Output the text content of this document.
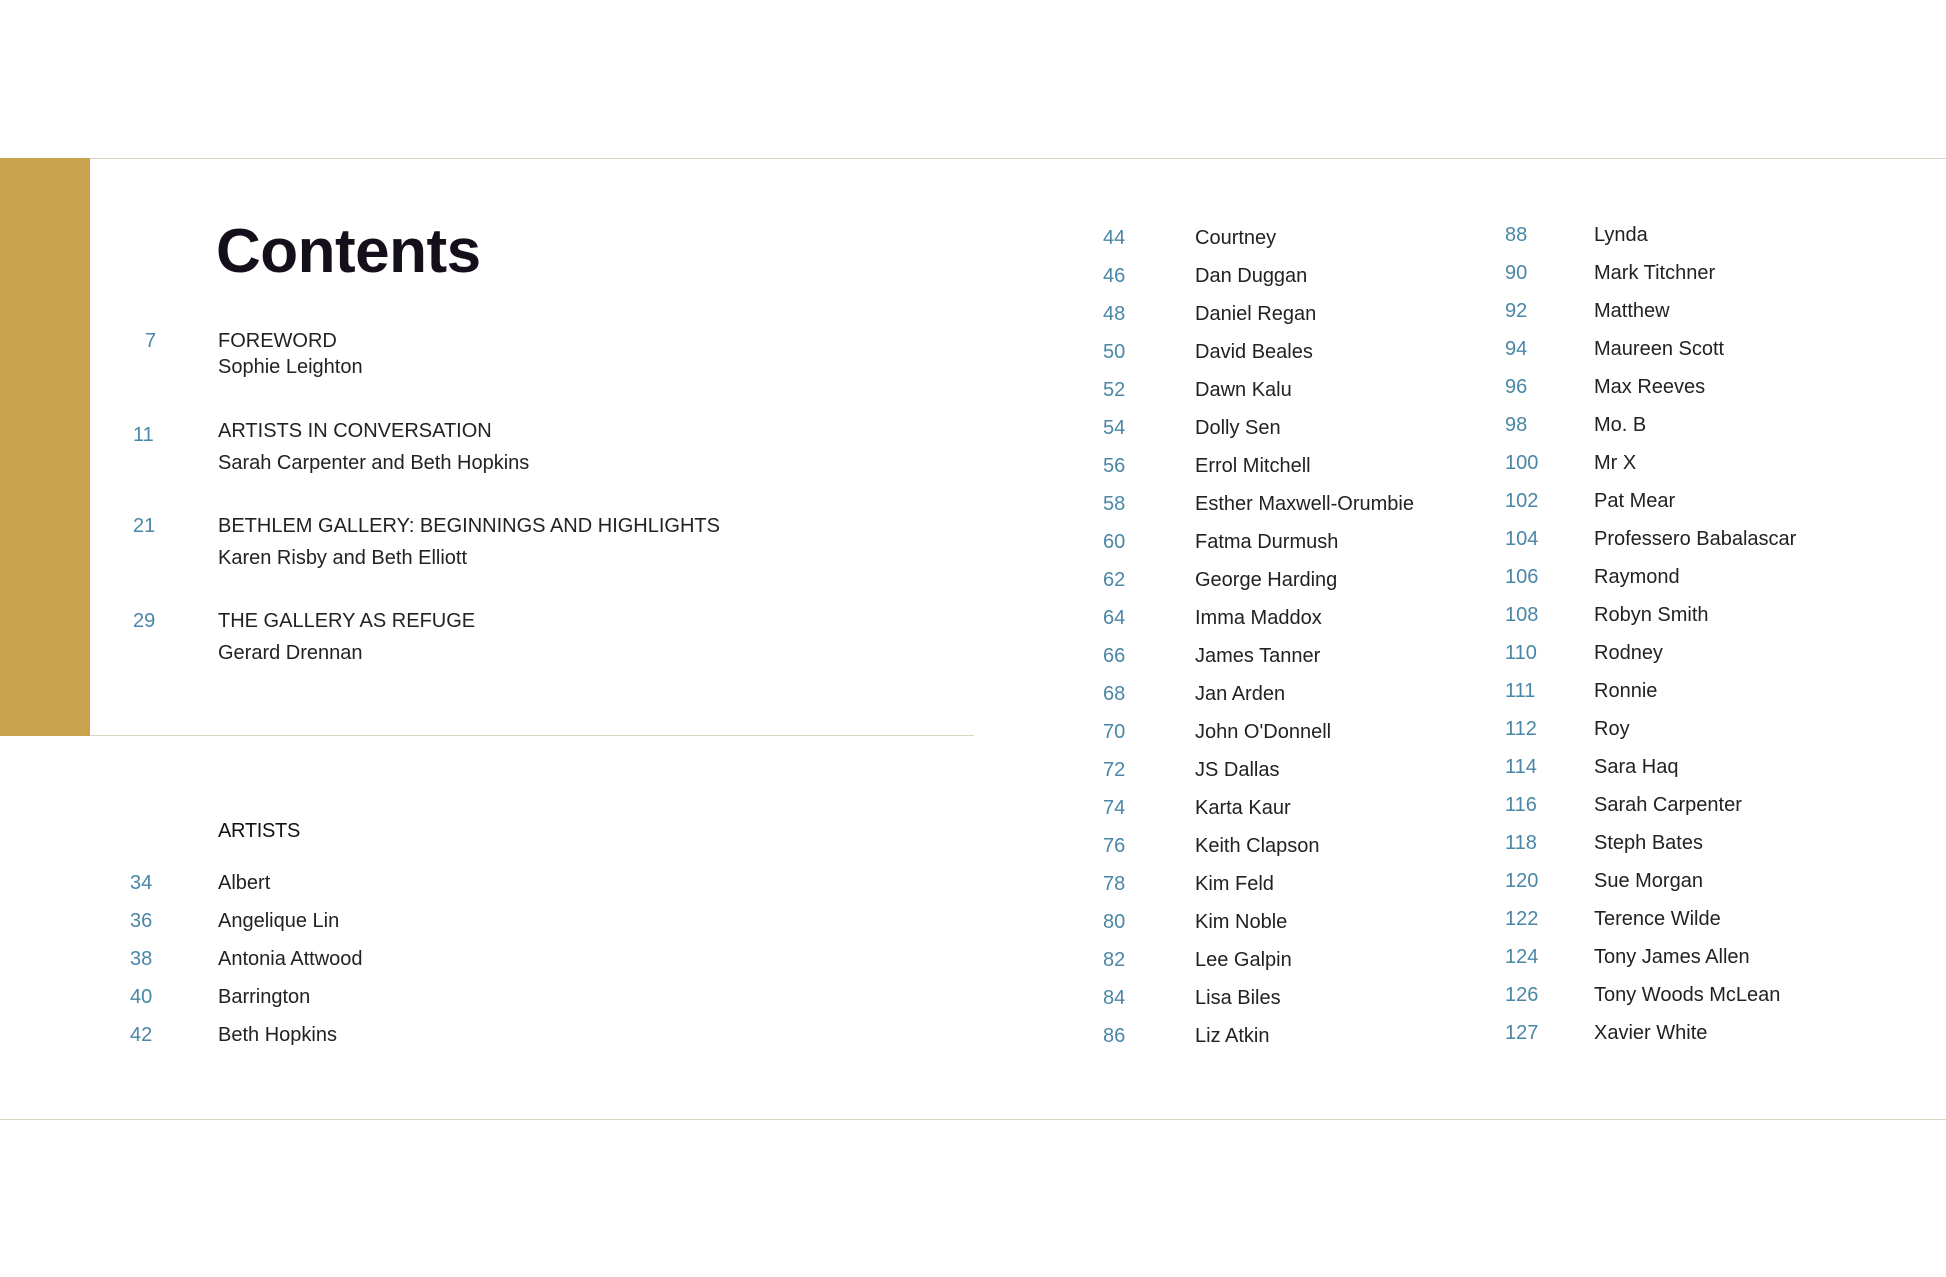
Contents
7	FOREWORD
Sophie Leighton
11	ARTISTS IN CONVERSATION
Sarah Carpenter and Beth Hopkins
21	BETHLEM GALLERY: BEGINNINGS AND HIGHLIGHTS
Karen Risby and Beth Elliott
29	THE GALLERY AS REFUGE
Gerard Drennan
ARTISTS
34	Albert
36	Angelique Lin
38	Antonia Attwood
40	Barrington
42	Beth Hopkins
44	Courtney
46	Dan Duggan
48	Daniel Regan
50	David Beales
52	Dawn Kalu
54	Dolly Sen
56	Errol Mitchell
58	Esther Maxwell-Orumbie
60	Fatma Durmush
62	George Harding
64	Imma Maddox
66	James Tanner
68	Jan Arden
70	John O'Donnell
72	JS Dallas
74	Karta Kaur
76	Keith Clapson
78	Kim Feld
80	Kim Noble
82	Lee Galpin
84	Lisa Biles
86	Liz Atkin
88	Lynda
90	Mark Titchner
92	Matthew
94	Maureen Scott
96	Max Reeves
98	Mo. B
100	Mr X
102	Pat Mear
104	Professero Babalascar
106	Raymond
108	Robyn Smith
110	Rodney
111	Ronnie
112	Roy
114	Sara Haq
116	Sarah Carpenter
118	Steph Bates
120	Sue Morgan
122	Terence Wilde
124	Tony James Allen
126	Tony Woods McLean
127	Xavier White
